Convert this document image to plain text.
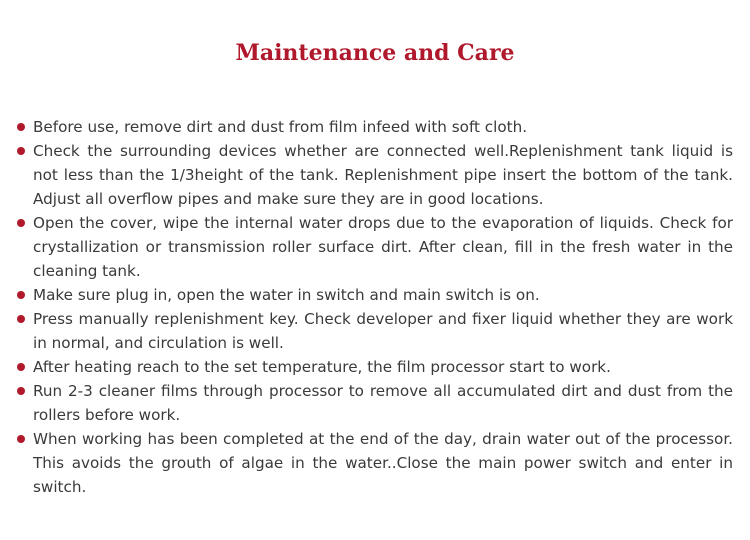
Maintenance and Care
Before use, remove dirt and dust from film infeed with soft cloth.
Check the surrounding devices whether are connected well.Replenishment tank liquid is not less than the 1/3height of the tank. Replenishment pipe insert the bottom of the tank. Adjust all overflow pipes and make sure they are in good locations.
Open the cover, wipe the internal water drops due to the evaporation of liquids. Check for crystallization or transmission roller surface dirt. After clean, fill in the fresh water in the cleaning tank.
Make sure plug in, open the water in switch and main switch is on.
Press manually replenishment key. Check developer and fixer liquid whether they are work in normal, and circulation is well.
After heating reach to the set temperature, the film processor start to work.
Run 2-3 cleaner films through processor to remove all accumulated dirt and dust from the rollers before work.
When working has been completed at the end of the day, drain water out of the processor. This avoids the grouth of algae in the water..Close the main power switch and enter in switch.
